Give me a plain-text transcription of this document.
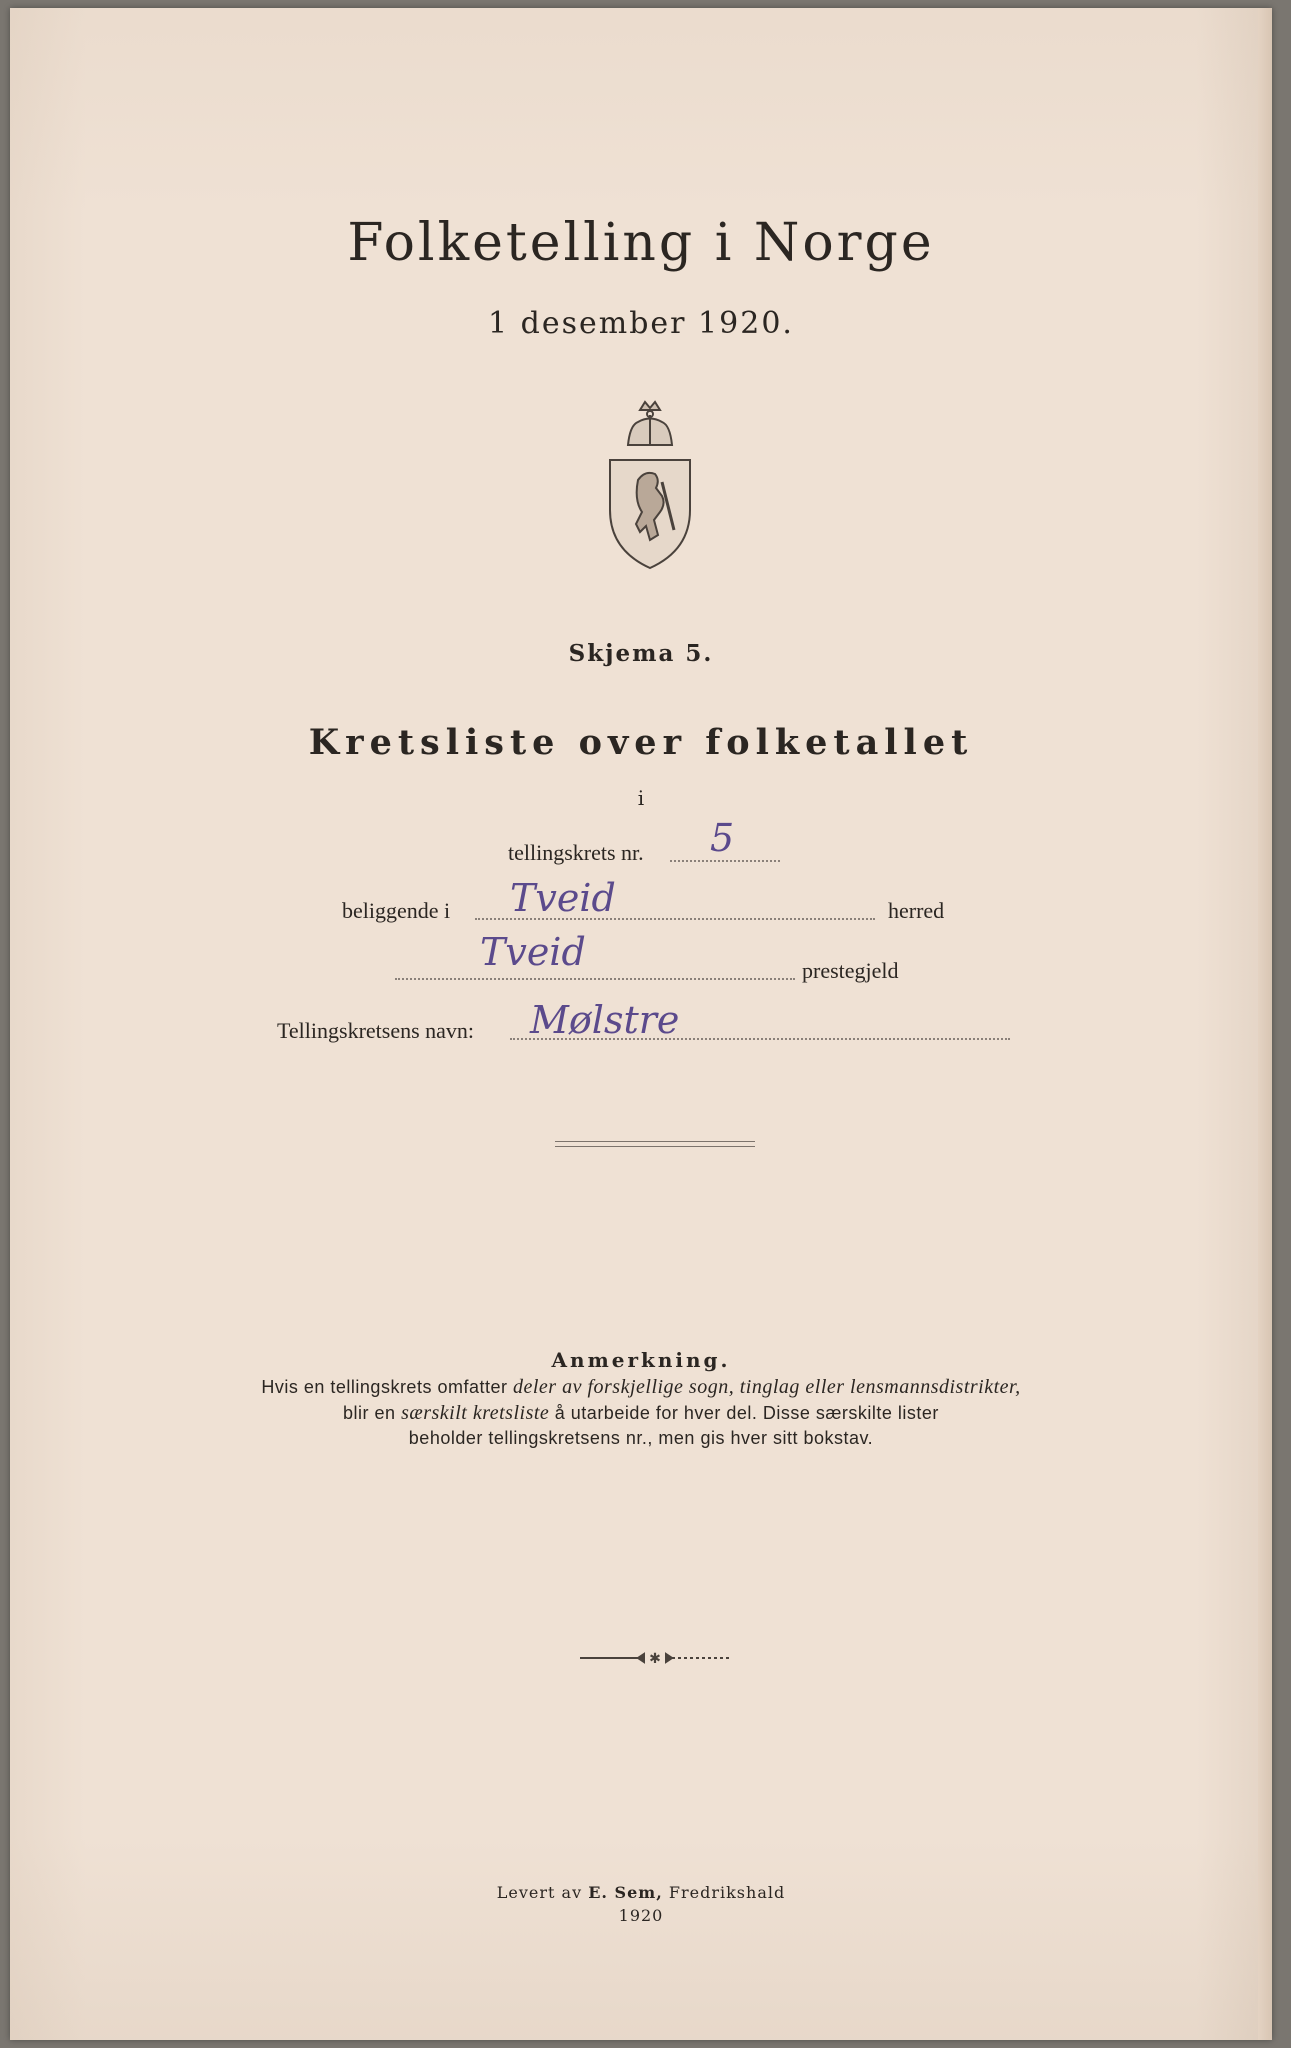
Folketelling i Norge
1 desember 1920.
Skjema 5.
Kretsliste over folketallet
i
tellingskrets nr. 5
beliggende i Tveid	herred
Tveid	prestegjeld
Tellingskretsens navn: Mølstre
Anmerkning.
Hvis en tellingskrets omfatter deler av forskjellige sogn, tinglag eller lensmannsdistrikter,
blir en særskilt kretsliste å utarbeide for hver del. Disse særskilte lister
beholder tellingskretsens nr., men gis hver sitt bokstav.
✱
Levert av E. Sem, Fredrikshald
1920
